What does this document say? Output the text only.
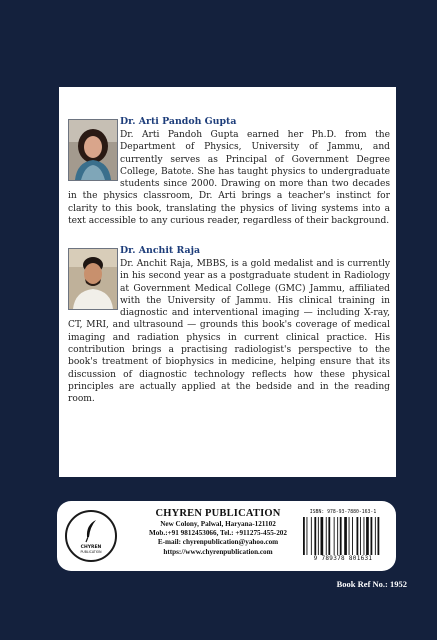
Dr. Arti Pandoh Gupta
Dr. Arti Pandoh Gupta earned her Ph.D. from the Department of Physics, University of Jammu, and currently serves as Principal of Government Degree College, Batote. She has taught physics to undergraduate students since 2000. Drawing on more than two decades in the physics classroom, Dr. Arti brings a teacher's instinct for clarity to this book, translating the physics of living systems into a text accessible to any curious reader, regardless of their background.
Dr. Anchit Raja
Dr. Anchit Raja, MBBS, is a gold medalist and is currently in his second year as a postgraduate student in Radiology at Government Medical College (GMC) Jammu, affiliated with the University of Jammu. His clinical training in diagnostic and interventional imaging — including X-ray, CT, MRI, and ultrasound — grounds this book's coverage of medical imaging and radiation physics in current clinical practice. His contribution brings a practising radiologist's perspective to the book's treatment of biophysics in medicine, helping ensure that its discussion of diagnostic technology reflects how these physical principles are actually applied at the bedside and in the reading room.
CHYREN
PUBLICATION
CHYREN PUBLICATION
New Colony, Palwal, Haryana-121102
Mob.:+91 9812453066, Tel.: +911275-455-202
E-mail: chyrenpublication@yahoo.com
https://www.chyrenpublication.com
ISBN: 978-93-7880-163-1
9 789378 801631
Book Ref No.: 1952
